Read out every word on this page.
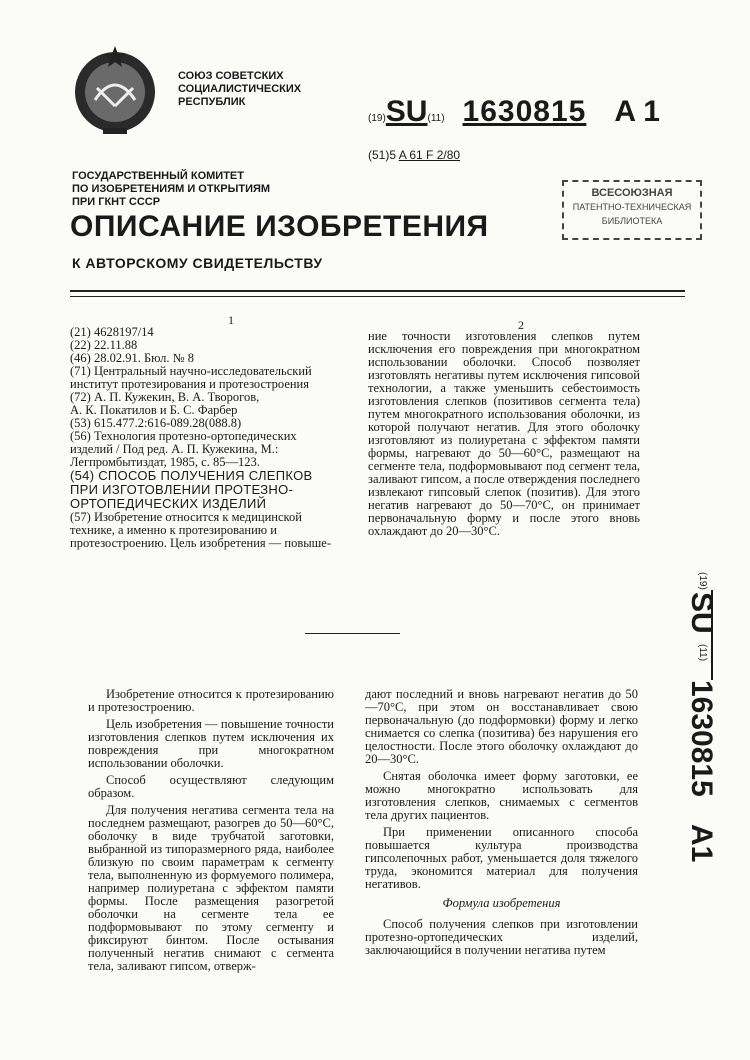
СОЮЗ СОВЕТСКИХ
СОЦИАЛИСТИЧЕСКИХ
РЕСПУБЛИК
(19)SU(11) 1630815 A 1
(51)5 A 61 F 2/80
ГОСУДАРСТВЕННЫЙ КОМИТЕТ
ПО ИЗОБРЕТЕНИЯМ И ОТКРЫТИЯМ
ПРИ ГКНТ СССР
ВСЕСОЮЗНАЯ
ПАТЕНТНО-ТЕХНИЧЕСКАЯ
БИБЛИОТЕКА
ОПИСАНИЕ ИЗОБРЕТЕНИЯ
К АВТОРСКОМУ СВИДЕТЕЛЬСТВУ
1	2

(21) 4628197/14

(22) 22.11.88

(46) 28.02.91. Бюл. № 8

(71) Центральный научно-исследовательский институт протезирования и протезостроения

(72) А. П. Кужекин, В. А. Творогов,

А. К. Покатилов и Б. С. Фарбер

(53) 615.477.2:616-089.28(088.8)

(56) Технология протезно-ортопедических изделий / Под ред. А. П. Кужекина, М.: Легпромбытиздат, 1985, с. 85—123.

(54) СПОСОБ ПОЛУЧЕНИЯ СЛЕПКОВ ПРИ ИЗГОТОВЛЕНИИ ПРОТЕЗНО-ОРТОПЕДИЧЕСКИХ ИЗДЕЛИЙ

(57) Изобретение относится к медицинской технике, а именно к протезированию и протезостроению. Цель изобретения — повыше-

ние точности изготовления слепков путем исключения его повреждения при многократном использовании оболочки. Способ позволяет изготовлять негативы путем исключения гипсовой технологии, а также уменьшить себестоимость изготовления слепков (позитивов сегмента тела) путем многократного использования оболочки, из которой получают негатив. Для этого оболочку изготовляют из полиуретана с эффектом памяти формы, нагревают до 50—60°С, размещают на сегменте тела, подформовывают под сегмент тела, заливают гипсом, а после отверждения последнего извлекают гипсовый слепок (позитив). Для этого негатив нагревают до 50—70°С, он принимает первоначальную форму и после этого вновь охлаждают до 20—30°С.
(19)
SU
(11)
1630815
A1

Изобретение относится к протезированию и протезостроению.

Цель изобретения — повышение точности изготовления слепков путем исключения их повреждения при многократном использовании оболочки.

Способ осуществляют следующим образом.

Для получения негатива сегмента тела на последнем размещают, разогрев до 50—60°С, оболочку в виде трубчатой заготовки, выбранной из типоразмерного ряда, наиболее близкую по своим параметрам к сегменту тела, выполненную из формуемого полимера, например полиуретана с эффектом памяти формы. После размещения разогретой оболочки на сегменте тела ее подформовывают по этому сегменту и фиксируют бинтом. После остывания полученный негатив снимают с сегмента тела, заливают гипсом, отверж-

дают последний и вновь нагревают негатив до 50—70°С, при этом он восстанавливает свою первоначальную (до подформовки) форму и легко снимается со слепка (позитива) без нарушения его целостности. После этого оболочку охлаждают до 20—30°С.

Снятая оболочка имеет форму заготовки, ее можно многократно использовать для изготовления слепков, снимаемых с сегментов тела других пациентов.

При применении описанного способа повышается культура производства гипсолепочных работ, уменьшается доля тяжелого труда, экономится материал для получения негативов.

Формула изобретения

Способ получения слепков при изготовлении протезно-ортопедических изделий, заключающийся в получении негатива путем
